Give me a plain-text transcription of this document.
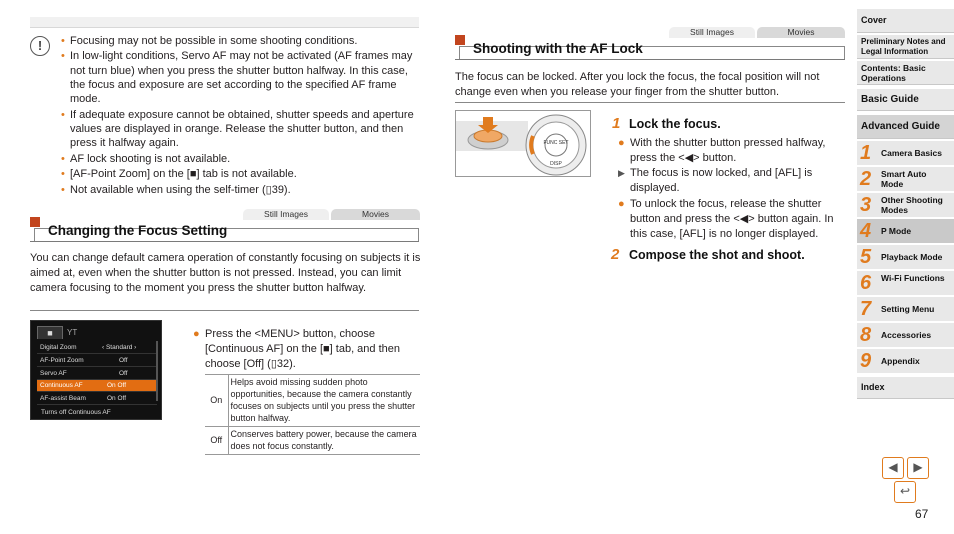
!	• Focusing may not be possible in some shooting conditions.
• In low-light conditions, Servo AF may not be activated (AF frames may not turn blue) when you press the shutter button halfway. In this case, the focus and exposure are set according to the specified AF frame mode.
• If adequate exposure cannot be obtained, shutter speeds and aperture values are displayed in orange. Release the shutter button, and then press it halfway again.
• AF lock shooting is not available.
• [AF-Point Zoom] on the [■] tab is not available.
• Not available when using the self-timer (▯39).
Still Images	Movies
Changing the Focus Setting
You can change default camera operation of constantly focusing on subjects it is aimed at, even when the shutter button is not pressed. Instead, you can limit camera focusing to the moment you press the shutter button halfway.
■	ΥΤ
Digital Zoom	‹ Standard ›
AF-Point Zoom	Off
Servo AF	Off
Continuous AF	On Off
AF-assist Beam	On Off
Turns off Continuous AF
● Press the <MENU> button, choose [Continuous AF] on the [■] tab, and then choose [Off] (▯32).
On	Helps avoid missing sudden photo opportunities, because the camera constantly focuses on subjects until you press the shutter button halfway.
Off	Conserves battery power, because the camera does not focus constantly.
Still Images	Movies
Shooting with the AF Lock
The focus can be locked. After you lock the focus, the focal position will not change even when you release your finger from the shutter button.
FUNC SET
DISP
1 Lock the focus.
● With the shutter button pressed halfway, press the <◀> button.
▶ The focus is now locked, and [AFL] is displayed.
● To unlock the focus, release the shutter button and press the <◀> button again. In this case, [AFL] is no longer displayed.
2 Compose the shot and shoot.
Cover
Preliminary Notes and Legal Information
Contents: Basic Operations
Basic Guide
Advanced Guide
1 Camera Basics
2 Smart Auto Mode
3 Other Shooting Modes
4 P Mode
5 Playback Mode
6 Wi-Fi Functions
7 Setting Menu
8 Accessories
9 Appendix
Index
◀	▶
↩
67
